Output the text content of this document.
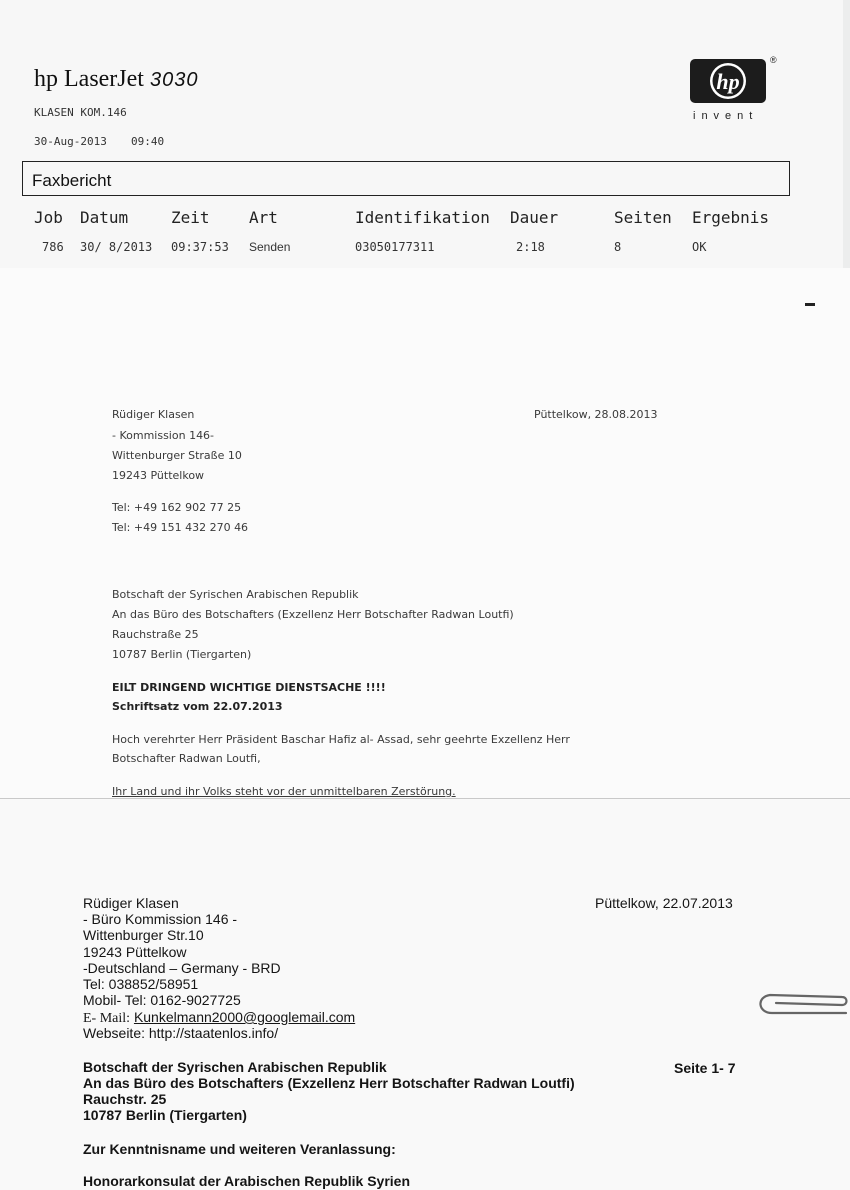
hp LaserJet 3030
KLASEN KOM.146
30-Aug-2013 09:40
hp
®
invent
Faxbericht
Job Datum	Zeit Art	Identifikation Dauer	Seiten Ergebnis
786 30/ 8/2013 09:37:53 Senden	03050177311	2:18	8	OK
Rüdiger Klasen
- Kommission 146-
Wittenburger Straße 10
19243 Püttelkow
Püttelkow, 28.08.2013
Tel: +49 162 902 77 25
Tel: +49 151 432 270 46
Botschaft der Syrischen Arabischen Republik
An das Büro des Botschafters (Exzellenz Herr Botschafter Radwan Loutfi)
Rauchstraße 25
10787 Berlin (Tiergarten)
EILT DRINGEND WICHTIGE DIENSTSACHE !!!!
Schriftsatz vom 22.07.2013
Hoch verehrter Herr Präsident Baschar Hafiz al- Assad, sehr geehrte Exzellenz Herr
Botschafter Radwan Loutfi,
Ihr Land und ihr Volks steht vor der unmittelbaren Zerstörung.
Rüdiger Klasen
- Büro Kommission 146 -
Wittenburger Str.10
19243 Püttelkow
-Deutschland – Germany - BRD
Tel: 038852/58951
Mobil- Tel: 0162-9027725
E- Mail: Kunkelmann2000@googlemail.com
Webseite: http://staatenlos.info/
Püttelkow, 22.07.2013
Botschaft der Syrischen Arabischen Republik
An das Büro des Botschafters (Exzellenz Herr Botschafter Radwan Loutfi)
Rauchstr. 25
10787 Berlin (Tiergarten)
Seite 1- 7
Zur Kenntnisname und weiteren Veranlassung:
Honorarkonsulat der Arabischen Republik Syrien
